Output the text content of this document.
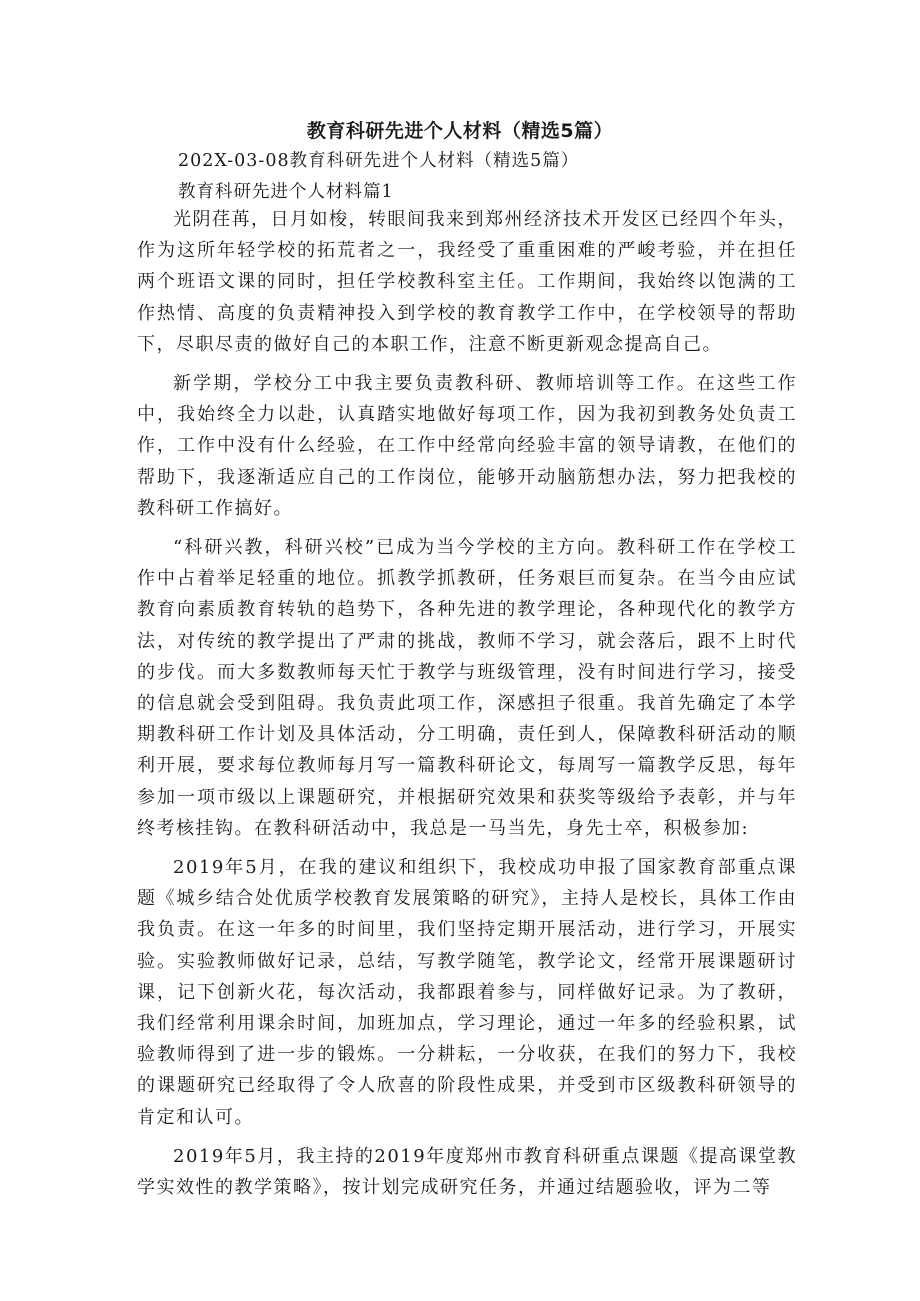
教育科研先进个人材料（精选5篇）

202X-03-08教育科研先进个人材料（精选5篇）

教育科研先进个人材料篇1

光阴荏苒，日月如梭，转眼间我来到郑州经济技术开发区已经四个年头，作为这所年轻学校的拓荒者之一，我经受了重重困难的严峻考验，并在担任两个班语文课的同时，担任学校教科室主任。工作期间，我始终以饱满的工作热情、高度的负责精神投入到学校的教育教学工作中，在学校领导的帮助下，尽职尽责的做好自己的本职工作，注意不断更新观念提高自己。

新学期，学校分工中我主要负责教科研、教师培训等工作。在这些工作中，我始终全力以赴，认真踏实地做好每项工作，因为我初到教务处负责工作，工作中没有什么经验，在工作中经常向经验丰富的领导请教，在他们的帮助下，我逐渐适应自己的工作岗位，能够开动脑筋想办法，努力把我校的教科研工作搞好。

“科研兴教，科研兴校”已成为当今学校的主方向。教科研工作在学校工作中占着举足轻重的地位。抓教学抓教研，任务艰巨而复杂。在当今由应试教育向素质教育转轨的趋势下，各种先进的教学理论，各种现代化的教学方法，对传统的教学提出了严肃的挑战，教师不学习，就会落后，跟不上时代的步伐。而大多数教师每天忙于教学与班级管理，没有时间进行学习，接受的信息就会受到阻碍。我负责此项工作，深感担子很重。我首先确定了本学期教科研工作计划及具体活动，分工明确，责任到人，保障教科研活动的顺利开展，要求每位教师每月写一篇教科研论文，每周写一篇教学反思，每年参加一项市级以上课题研究，并根据研究效果和获奖等级给予表彰，并与年终考核挂钩。在教科研活动中，我总是一马当先，身先士卒，积极参加:

2019年5月，在我的建议和组织下，我校成功申报了国家教育部重点课题《城乡结合处优质学校教育发展策略的研究》，主持人是校长，具体工作由我负责。在这一年多的时间里，我们坚持定期开展活动，进行学习，开展实验。实验教师做好记录，总结，写教学随笔，教学论文，经常开展课题研讨课，记下创新火花，每次活动，我都跟着参与，同样做好记录。为了教研，我们经常利用课余时间，加班加点，学习理论，通过一年多的经验积累，试验教师得到了进一步的锻炼。一分耕耘，一分收获，在我们的努力下，我校的课题研究已经取得了令人欣喜的阶段性成果，并受到市区级教科研领导的肯定和认可。

2019年5月，我主持的2019年度郑州市教育科研重点课题《提高课堂教学实效性的教学策略》，按计划完成研究任务，并通过结题验收，评为二等
